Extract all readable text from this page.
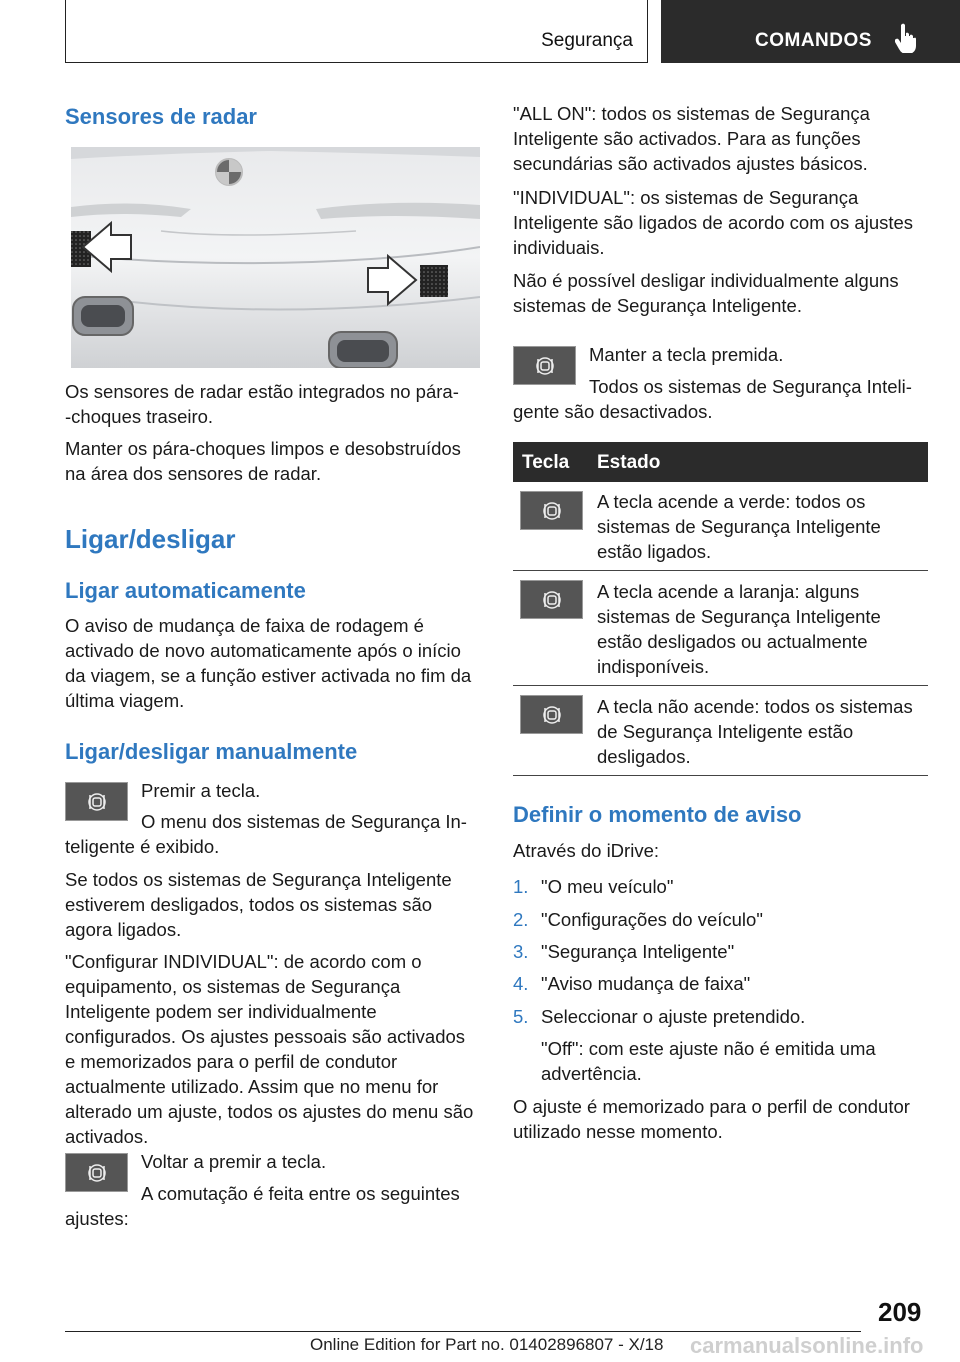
Segurança	COMANDOS
Sensores de radar

Os sensores de radar estão integrados no pára-
-choques traseiro.

Manter os pára-choques limpos e desobstruídos na área dos sensores de radar.

Ligar/desligar
Ligar automaticamente

O aviso de mudança de faixa de rodagem é activado de novo automaticamente após o início da viagem, se a função estiver activada no fim da última viagem.

Ligar/desligar manualmente

Premir a tecla.

O menu dos sistemas de Segurança In-

teligente é exibido.

Se todos os sistemas de Segurança Inteligente estiverem desligados, todos os sistemas são agora ligados.

"Configurar INDIVIDUAL": de acordo com o equipamento, os sistemas de Segurança Inteligente podem ser individualmente configurados. Os ajustes pessoais são activados e memorizados para o perfil de condutor actualmente utilizado. Assim que no menu for alterado um ajuste, todos os ajustes do menu são activados.

Voltar a premir a tecla.

A comutação é feita entre os seguintes

ajustes:

"ALL ON": todos os sistemas de Segurança Inteligente são activados. Para as funções secundárias são activados ajustes básicos.

"INDIVIDUAL": os sistemas de Segurança Inteligente são ligados de acordo com os ajustes individuais.

Não é possível desligar individualmente alguns sistemas de Segurança Inteligente.

Manter a tecla premida.

Todos os sistemas de Segurança Inteli-

gente são desactivados.

Tecla Estado

A tecla acende a verde: todos os sistemas de Segurança Inteligente estão ligados.

A tecla acende a laranja: alguns sistemas de Segurança Inteligente estão desligados ou actualmente indisponíveis.

A tecla não acende: todos os sistemas de Segurança Inteligente estão desligados.

Definir o momento de aviso

Através do iDrive:

1. "O meu veículo"
2. "Configurações do veículo"
3. "Segurança Inteligente"
4. "Aviso mudança de faixa"
5. Seleccionar o ajuste pretendido.

"Off": com este ajuste não é emitida uma advertência.

O ajuste é memorizado para o perfil de condutor utilizado nesse momento.

209
Online Edition for Part no. 01402896807 - X/18 carmanualsonline.info
